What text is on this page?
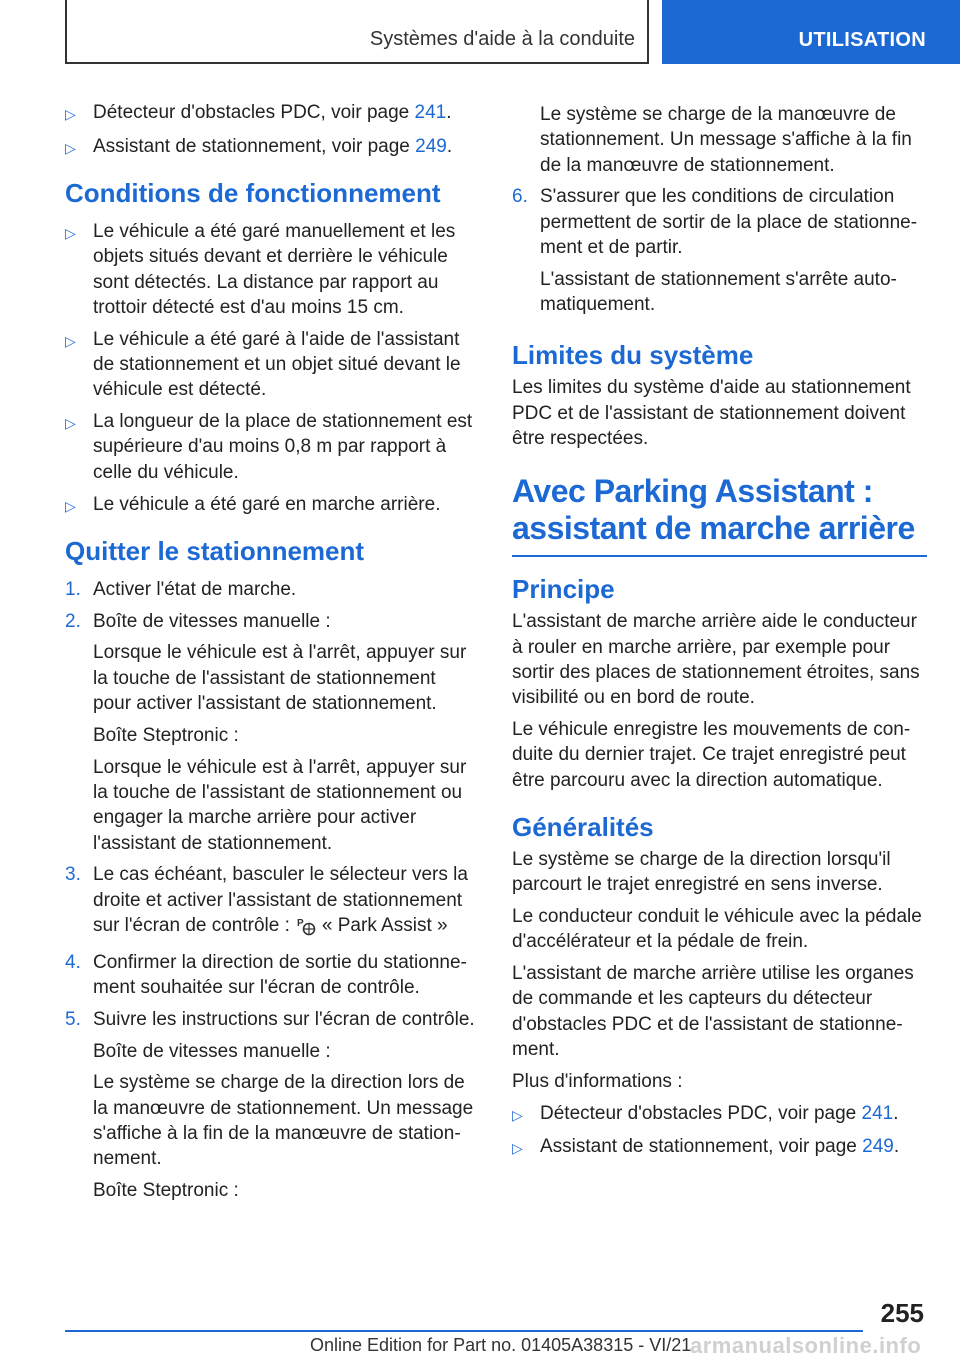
Systèmes d'aide à la conduite	UTILISATION
▷ Détecteur d'obstacles PDC, voir page 241.

▷ Assistant de stationnement, voir page 249.

Conditions de fonctionnement
▷ Le véhicule a été garé manuellement et les objets situés devant et derrière le véhicule sont détectés. La distance par rapport au trottoir détecté est d'au moins 15 cm.

▷ Le véhicule a été garé à l'aide de l'assistant de stationnement et un objet situé devant le véhicule est détecté.

▷ La longueur de la place de stationnement est supérieure d'au moins 0,8 m par rapport à celle du véhicule.

▷ Le véhicule a été garé en marche arrière.

Quitter le stationnement
1. Activer l'état de marche.

2. Boîte de vitesses manuelle :

Lorsque le véhicule est à l'arrêt, appuyer sur la touche de l'assistant de stationnement pour activer l'assistant de stationnement.

Boîte Steptronic :

Lorsque le véhicule est à l'arrêt, appuyer sur la touche de l'assistant de stationnement ou engager la marche arrière pour activer l'assistant de stationnement.

3. Le cas échéant, basculer le sélecteur vers la droite et activer l'assistant de stationnement sur l'écran de contrôle : P « Park Assist »

4. Confirmer la direction de sortie du stationnement souhaitée sur l'écran de contrôle.

5. Suivre les instructions sur l'écran de contrôle.

Boîte de vitesses manuelle :

Le système se charge de la direction lors de la manœuvre de stationnement. Un message s'affiche à la fin de la manœuvre de stationnement.

Boîte Steptronic :

Le système se charge de la manœuvre de stationnement. Un message s'affiche à la fin de la manœuvre de stationnement.

6. S'assurer que les conditions de circulation permettent de sortir de la place de stationnement et de partir.

L'assistant de stationnement s'arrête automatiquement.

Limites du système

Les limites du système d'aide au stationnement PDC et de l'assistant de stationnement doivent être respectées.

Avec Parking Assistant : assistant de marche arrière
Principe

L'assistant de marche arrière aide le conducteur à rouler en marche arrière, par exemple pour sortir des places de stationnement étroites, sans visibilité ou en bord de route.

Le véhicule enregistre les mouvements de conduite du dernier trajet. Ce trajet enregistré peut être parcouru avec la direction automatique.

Généralités

Le système se charge de la direction lorsqu'il parcourt le trajet enregistré en sens inverse.

Le conducteur conduit le véhicule avec la pédale d'accélérateur et la pédale de frein.

L'assistant de marche arrière utilise les organes de commande et les capteurs du détecteur d'obstacles PDC et de l'assistant de stationnement.

Plus d'informations :

▷ Détecteur d'obstacles PDC, voir page 241.

▷ Assistant de stationnement, voir page 249.

255
Online Edition for Part no. 01405A38315 - VI/21
armanualsonline.info
